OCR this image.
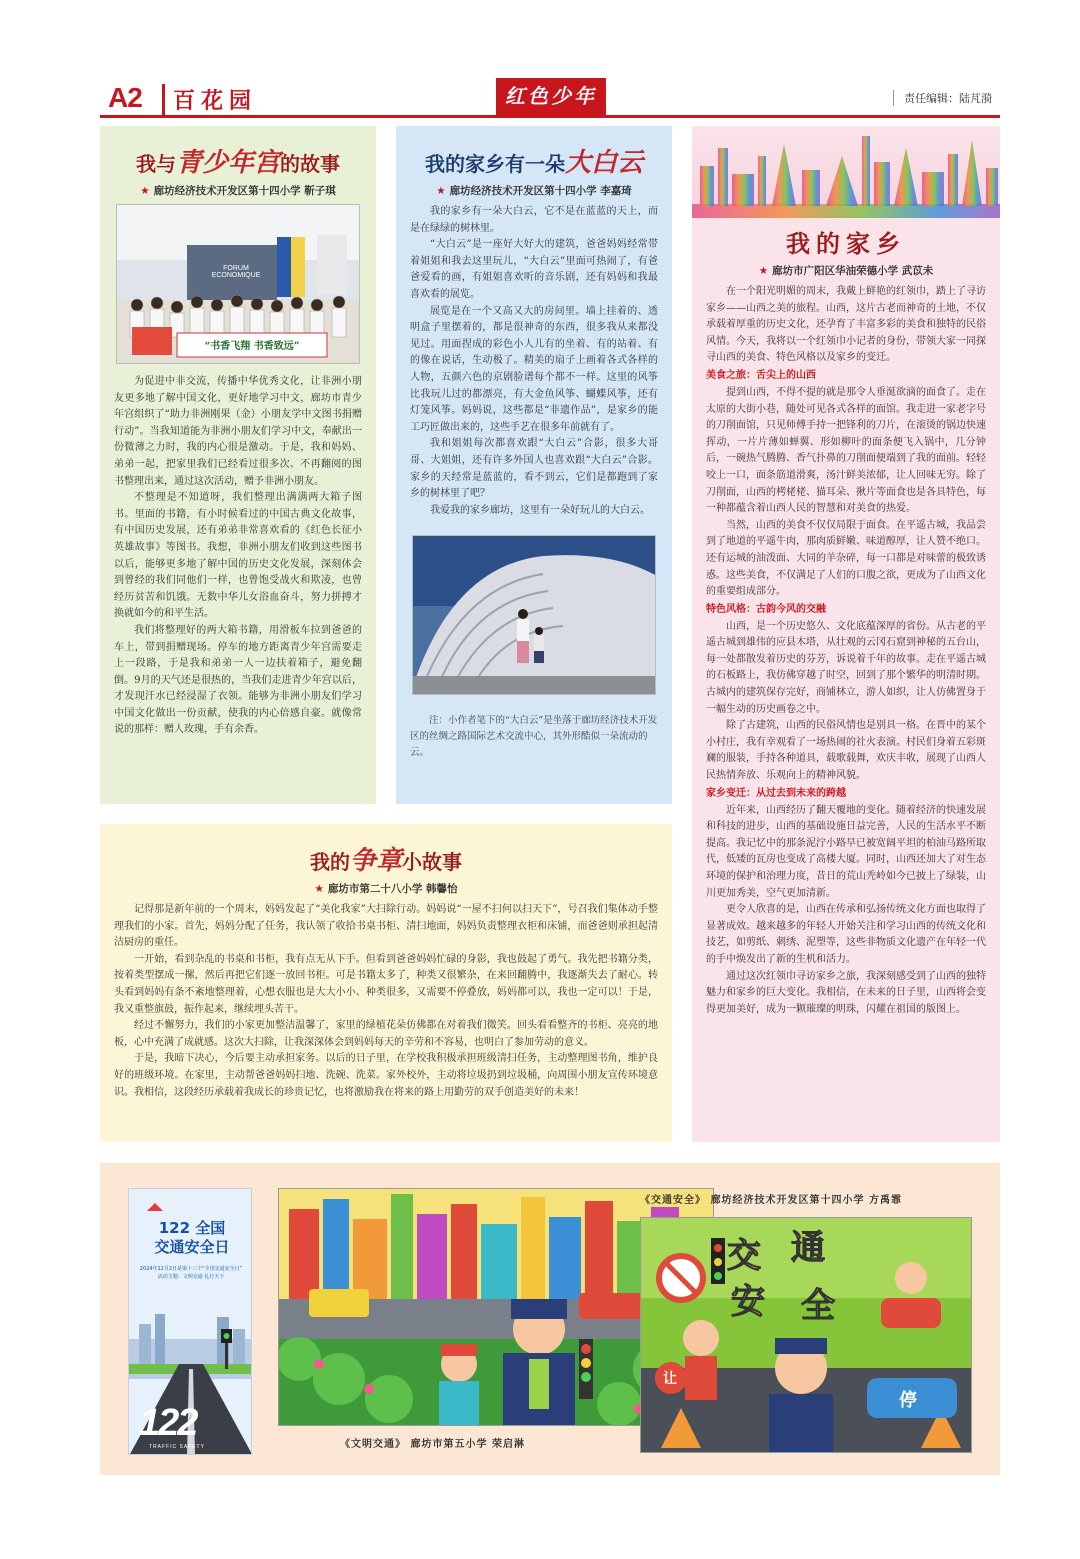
A2	百花园	红色少年	责任编辑：陆芃漪
我与青少年宫的故事
★ 廊坊经济技术开发区第十四小学 靳子琪
FORUM ECONOMIQUE
“书香飞翔 书香致远”

为促进中非交流，传播中华优秀文化，让非洲小朋友更多地了解中国文化，更好地学习中文，廊坊市青少年宫组织了“助力非洲刚果（金）小朋友学中文图书捐赠行动”。当我知道能为非洲小朋友们学习中文，奉献出一份微薄之力时，我的内心很是激动。于是，我和妈妈、弟弟一起，把家里我们已经看过很多次、不再翻阅的图书整理出来，通过这次活动，赠予非洲小朋友。

不整理是不知道呀，我们整理出满满两大箱子图书。里面的书籍，有小时候看过的中国古典文化故事，有中国历史发展，还有弟弟非常喜欢看的《红色长征小英雄故事》等图书。我想，非洲小朋友们收到这些图书以后，能够更多地了解中国的历史文化发展，深刻体会到曾经的我们同他们一样，也曾饱受战火和欺凌，也曾经历贫苦和饥饿。无数中华儿女浴血奋斗，努力拼搏才换就如今的和平生活。

我们将整理好的两大箱书籍，用滑板车拉到爸爸的车上，带到捐赠现场。停车的地方距离青少年宫需要走上一段路，于是我和弟弟一人一边扶着箱子，避免翻倒。9月的天气还是很热的，当我们走进青少年宫以后，才发现汗水已经浸湿了衣领。能够为非洲小朋友们学习中国文化做出一份贡献，使我的内心倍感自豪。就像常说的那样：赠人玫瑰，手有余香。

我的家乡有一朵大白云
★ 廊坊经济技术开发区第十四小学 李嘉琦

我的家乡有一朵大白云，它不是在蓝蓝的天上，而是在绿绿的树林里。

“大白云”是一座好大好大的建筑，爸爸妈妈经常带着姐姐和我去这里玩儿，“大白云”里面可热闹了，有爸爸爱看的画，有姐姐喜欢听的音乐剧，还有妈妈和我最喜欢看的展览。

展览是在一个又高又大的房间里。墙上挂着的、透明盒子里摆着的，都是很神奇的东西，很多我从来都没见过。用面捏成的彩色小人儿有的坐着、有的站着、有的像在说话，生动极了。精美的扇子上画着各式各样的人物，五颜六色的京剧脸谱每个都不一样。这里的风筝比我玩儿过的都漂亮，有大金鱼风筝、蝴蝶风筝，还有灯笼风筝。妈妈说，这些都是“非遗作品”，是家乡的能工巧匠做出来的，这些手艺在很多年前就有了。

我和姐姐每次都喜欢跟“大白云”合影，很多大哥哥、大姐姐，还有许多外国人也喜欢跟“大白云”合影。家乡的天经常是蓝蓝的，看不到云，它们是都跑到了家乡的树林里了吧？

我爱我的家乡廊坊，这里有一朵好玩儿的大白云。

注：小作者笔下的“大白云”是坐落于廊坊经济技术开发区的丝绸之路国际艺术交流中心，其外形酷似一朵流动的云。
我的家乡
★ 廊坊市广阳区华油荣德小学 武苡未

在一个阳光明媚的周末，我戴上鲜艳的红领巾，踏上了寻访家乡——山西之美的旅程。山西，这片古老而神奇的土地，不仅承载着厚重的历史文化，还孕育了丰富多彩的美食和独特的民俗风情。今天，我将以一个红领巾小记者的身份，带领大家一同探寻山西的美食、特色风格以及家乡的变迁。

美食之旅：舌尖上的山西

提到山西，不得不提的就是那令人垂涎欲滴的面食了。走在太原的大街小巷，随处可见各式各样的面馆。我走进一家老字号的刀削面馆，只见师傅手持一把锋利的刀片，在滚烫的锅边快速挥动，一片片薄如蝉翼、形如柳叶的面条便飞入锅中，几分钟后，一碗热气腾腾、香气扑鼻的刀削面便端到了我的面前。轻轻咬上一口，面条筋道滑爽，汤汁鲜美浓郁，让人回味无穷。除了刀削面，山西的栲栳栳、猫耳朵、揪片等面食也是各具特色，每一种都蕴含着山西人民的智慧和对美食的热爱。

当然，山西的美食不仅仅局限于面食。在平遥古城，我品尝到了地道的平遥牛肉，那肉质鲜嫩、味道醇厚，让人赞不绝口。还有运城的油泼面、大同的羊杂碎，每一口都是对味蕾的极致诱惑。这些美食，不仅满足了人们的口腹之欲，更成为了山西文化的重要组成部分。

特色风格：古韵今风的交融

山西，是一个历史悠久、文化底蕴深厚的省份。从古老的平遥古城到雄伟的应县木塔，从壮观的云冈石窟到神秘的五台山，每一处都散发着历史的芬芳，诉说着千年的故事。走在平遥古城的石板路上，我仿佛穿越了时空，回到了那个繁华的明清时期。古城内的建筑保存完好，商铺林立，游人如织，让人仿佛置身于一幅生动的历史画卷之中。

除了古建筑，山西的民俗风情也是别具一格。在晋中的某个小村庄，我有幸观看了一场热闹的社火表演。村民们身着五彩斑斓的服装，手持各种道具，载歌载舞，欢庆丰收，展现了山西人民热情奔放、乐观向上的精神风貌。

家乡变迁：从过去到未来的跨越

近年来，山西经历了翻天覆地的变化。随着经济的快速发展和科技的进步，山西的基础设施日益完善，人民的生活水平不断提高。我记忆中的那条泥泞小路早已被宽阔平坦的柏油马路所取代，低矮的瓦房也变成了高楼大厦。同时，山西还加大了对生态环境的保护和治理力度，昔日的荒山秃岭如今已披上了绿装，山川更加秀美，空气更加清新。

更令人欣喜的是，山西在传承和弘扬传统文化方面也取得了显著成效。越来越多的年轻人开始关注和学习山西的传统文化和技艺，如剪纸、刺绣、泥塑等，这些非物质文化遗产在年轻一代的手中焕发出了新的生机和活力。

通过这次红领巾寻访家乡之旅，我深刻感受到了山西的独特魅力和家乡的巨大变化。我相信，在未来的日子里，山西将会变得更加美好，成为一颗璀璨的明珠，闪耀在祖国的版图上。

我的争章小故事
★ 廊坊市第二十八小学 韩馨怡

记得那是新年前的一个周末，妈妈发起了“美化我家”大扫除行动。妈妈说“一屋不扫何以扫天下”，号召我们集体动手整理我们的小家。首先，妈妈分配了任务，我认领了收拾书桌书柜、清扫地面，妈妈负责整理衣柜和床铺，而爸爸则承担起清洁厨房的重任。

一开始，看到杂乱的书桌和书柜，我有点无从下手。但看到爸爸妈妈忙碌的身影，我也鼓起了勇气。我先把书籍分类，按着类型摆成一摞，然后再把它们逐一放回书柜。可是书籍太多了，种类又很繁杂，在来回翻腾中，我逐渐失去了耐心。转头看到妈妈有条不紊地整理着，心想衣服也是大大小小、种类很多，又需要不停叠放，妈妈都可以，我也一定可以！于是，我又重整旗鼓，振作起来，继续埋头苦干。

经过不懈努力，我们的小家更加整洁温馨了，家里的绿植花朵仿佛都在对着我们微笑。回头看看整齐的书柜、亮亮的地板，心中充满了成就感。这次大扫除，让我深深体会到妈妈每天的辛劳和不容易，也明白了参加劳动的意义。

于是，我暗下决心，今后要主动承担家务。以后的日子里，在学校我积极承担班级清扫任务，主动整理图书角，维护良好的班级环境。在家里，主动帮爸爸妈妈扫地、洗碗、洗菜。家外校外，主动将垃圾扔到垃圾桶，向周围小朋友宣传环境意识。我相信，这段经历承载着我成长的珍贵记忆，也将激励我在将来的路上用勤劳的双手创造美好的未来！

122 全国
交通安全日
2024年12月2日是第十三个“全国交通安全日”
活动主题：文明交通 礼行天下
122
TRAFFIC SAFETY	《文明交通》 廊坊市第五小学 荣启淋
《交通安全》 廊坊经济技术开发区第十四小学 方禹霏
交 通
安 全
让
停
